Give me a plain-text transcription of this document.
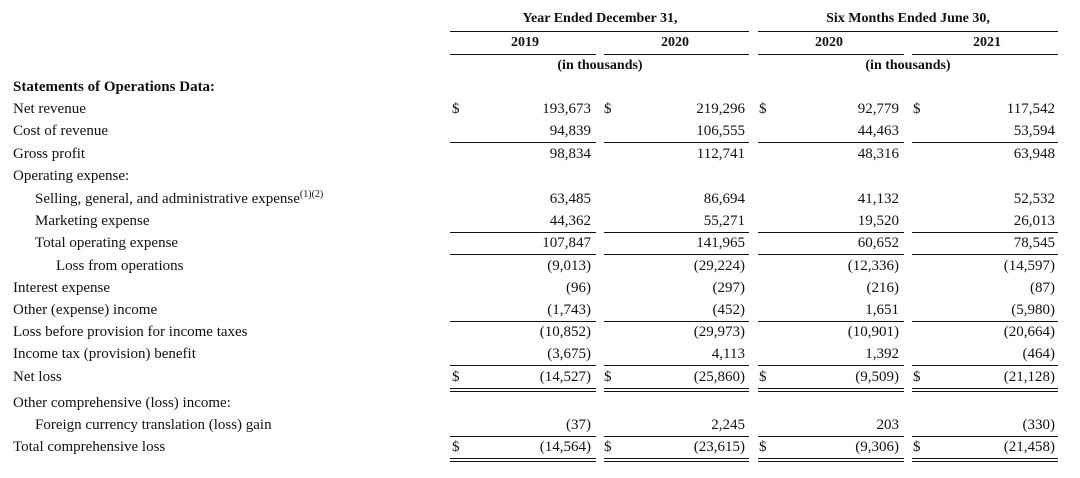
Year Ended December 31,	Six Months Ended June 30,
2019	2020	2020	2021
(in thousands)	(in thousands)
Statements of Operations Data:
Net revenue	$	193,673 $	219,296 $	92,779 $	117,542
Cost of revenue	94,839	106,555	44,463	53,594
Gross profit	98,834	112,741	48,316	63,948
Operating expense:
Selling, general, and administrative expense$^{(1)(2)}$	63,485	86,694	41,132	52,532
Marketing expense	44,362	55,271	19,520	26,013
Total operating expense	107,847	141,965	60,652	78,545
Loss from operations	(9,013)	(29,224)	(12,336)	(14,597)
Interest expense	(96)	(297)	(216)	(87)
Other (expense) income	(1,743)	(452)	1,651	(5,980)
Loss before provision for income taxes	(10,852)	(29,973)	(10,901)	(20,664)
Income tax (provision) benefit	(3,675)	4,113	1,392	(464)
Net loss	$	(14,527) $	(25,860) $	(9,509) $	(21,128)
Other comprehensive (loss) income:
Foreign currency translation (loss) gain	(37)	2,245	203	(330)
Total comprehensive loss	$	(14,564) $	(23,615) $	(9,306) $	(21,458)
